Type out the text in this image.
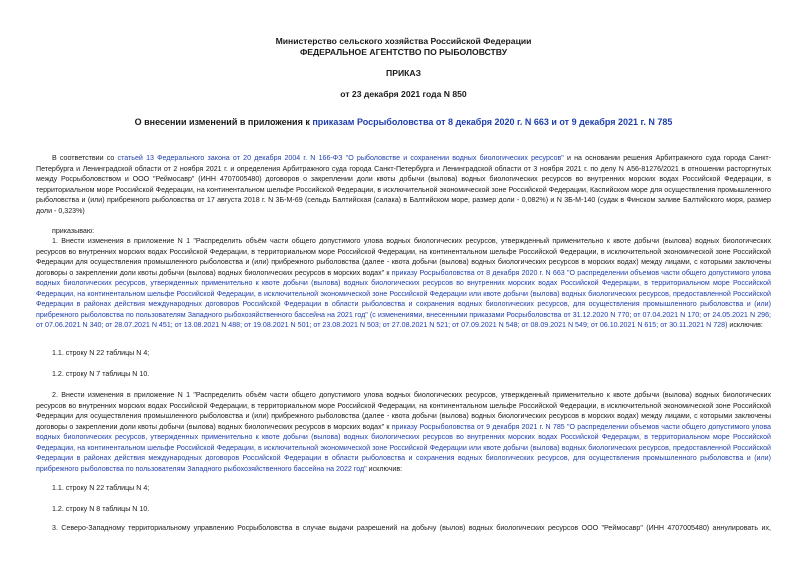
Министерство сельского хозяйства Российской Федерации
ФЕДЕРАЛЬНОЕ АГЕНТСТВО ПО РЫБОЛОВСТВУ
ПРИКАЗ
от 23 декабря 2021 года N 850
О внесении изменений в приложения к приказам Росрыболовства от 8 декабря 2020 г. N 663 и от 9 декабря 2021 г. N 785
В соответствии со статьей 13 Федерального закона от 20 декабря 2004 г. N 166-ФЗ "О рыболовстве и сохранении водных биологических ресурсов" и на основании решения Арбитражного суда города Санкт-Петербурга и Ленинградской области от 2 ноября 2021 г. и определения Арбитражного суда города Санкт-Петербурга и Ленинградской области от 3 ноября 2021 г. по делу N А56-81276/2021 в отношении расторгнутых между Росрыболовством и ООО "Реймосавр" (ИНН 4707005480) договоров о закреплении доли квоты добычи (вылова) водных биологических ресурсов во внутренних морских водах Российской Федерации, в территориальном море Российской Федерации, на континентальном шельфе Российской Федерации, в исключительной экономической зоне Российской Федерации, Каспийском море для осуществления промышленного рыболовства и (или) прибрежного рыболовства от 17 августа 2018 г. N 3Б-М-69 (сельдь Балтийская (салака) в Балтийском море, размер доли - 0,082%) и N 3Б-М-140 (судак в Финском заливе Балтийского моря, размер доли - 0,323%)
приказываю:
1. Внести изменения в приложение N 1 "Распределить объём части общего допустимого улова водных биологических ресурсов, утвержденный применительно к квоте добычи (вылова) водных биологических ресурсов во внутренних морских водах Российской Федерации, в территориальном море Российской Федерации, на континентальном шельфе Российской Федерации, в исключительной экономической зоне Российской Федерации для осуществления промышленного рыболовства и (или) прибрежного рыболовства (далее - квота добычи (вылова) водных биологических ресурсов в морских водах) между лицами, с которыми заключены договоры о закреплении доли квоты добычи (вылова) водных биологических ресурсов в морских водах" к приказу Росрыболовства от 8 декабря 2020 г. N 663 "О распределении объемов части общего допустимого улова водных биологических ресурсов, утвержденных применительно к квоте добычи (вылова) водных биологических ресурсов во внутренних морских водах Российской Федерации, в территориальном море Российской Федерации, на континентальном шельфе Российской Федерации, в исключительной экономической зоне Российской Федерации или квоте добычи (вылова) водных биологических ресурсов, предоставленной Российской Федерации в районах действия международных договоров Российской Федерации в области рыболовства и сохранения водных биологических ресурсов, для осуществления промышленного рыболовства и (или) прибрежного рыболовства по пользователям Западного рыбохозяйственного бассейна на 2021 год" (с изменениями, внесенными приказами Росрыболовства от 31.12.2020 N 770; от 07.04.2021 N 170; от 24.05.2021 N 296; от 07.06.2021 N 340; от 28.07.2021 N 451; от 13.08.2021 N 488; от 19.08.2021 N 501; от 23.08.2021 N 503; от 27.08.2021 N 521; от 07.09.2021 N 548; от 08.09.2021 N 549; от 06.10.2021 N 615; от 30.11.2021 N 728) исключив:
1.1. строку N 22 таблицы N 4;
1.2. строку N 7 таблицы N 10.
2. Внести изменения в приложение N 1 "Распределить объём части общего допустимого улова водных биологических ресурсов, утвержденный применительно к квоте добычи (вылова) водных биологических ресурсов во внутренних морских водах Российской Федерации, в территориальном море Российской Федерации, на континентальном шельфе Российской Федерации, в исключительной экономической зоне Российской Федерации для осуществления промышленного рыболовства и (или) прибрежного рыболовства (далее - квота добычи (вылова) водных биологических ресурсов в морских водах) между лицами, с которыми заключены договоры о закреплении доли квоты добычи (вылова) водных биологических ресурсов в морских водах" к приказу Росрыболовства от 9 декабря 2021 г. N 785 "О распределении объемов части общего допустимого улова водных биологических ресурсов, утвержденных применительно к квоте добычи (вылова) водных биологических ресурсов во внутренних морских водах Российской Федерации, в территориальном море Российской Федерации, на континентальном шельфе Российской Федерации, в исключительной экономической зоне Российской Федерации или квоте добычи (вылова) водных биологических ресурсов, предоставленной Российской Федерации в районах действия международных договоров Российской Федерации в области рыболовства и сохранения водных биологических ресурсов, для осуществления промышленного рыболовства и (или) прибрежного рыболовства по пользователям Западного рыбохозяйственного бассейна на 2022 год" исключив:
1.1. строку N 22 таблицы N 4;
1.2. строку N 8 таблицы N 10.
3. Северо-Западному территориальному управлению Росрыболовства в случае выдачи разрешений на добычу (вылов) водных биологических ресурсов ООО "Реймосавр" (ИНН 4707005480) аннулировать их,
